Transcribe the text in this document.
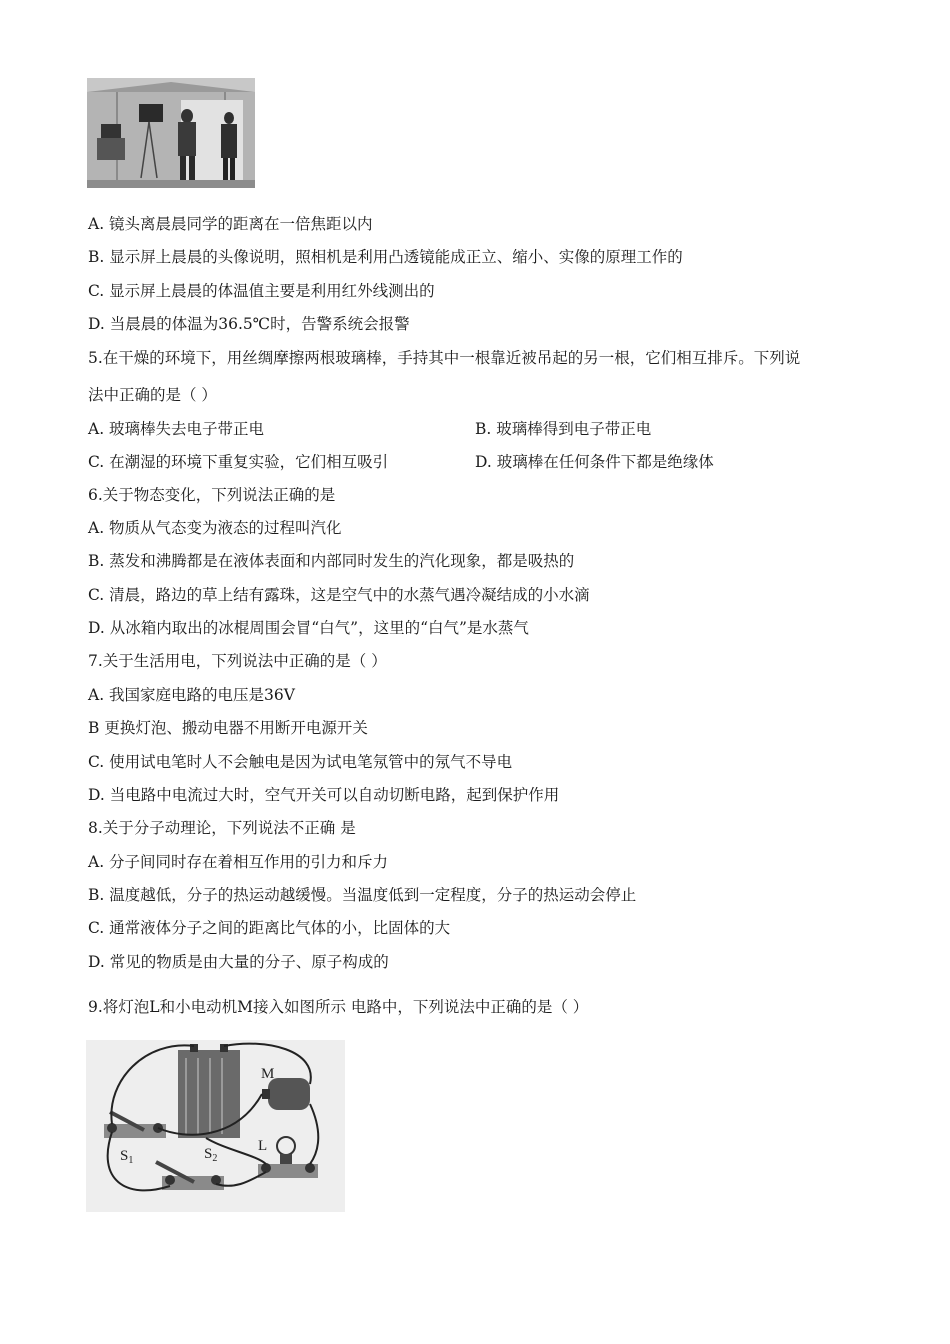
A. 镜头离晨晨同学的距离在一倍焦距以内
B. 显示屏上晨晨的头像说明，照相机是利用凸透镜能成正立、缩小、实像的原理工作的
C. 显示屏上晨晨的体温值主要是利用红外线测出的
D. 当晨晨的体温为36.5℃时，告警系统会报警
5.在干燥的环境下，用丝绸摩擦两根玻璃棒，手持其中一根靠近被吊起的另一根，它们相互排斥。下列说
法中正确的是（ ）
A. 玻璃棒失去电子带正电	B. 玻璃棒得到电子带正电
C. 在潮湿的环境下重复实验，它们相互吸引	D. 玻璃棒在任何条件下都是绝缘体
6.关于物态变化，下列说法正确的是
A. 物质从气态变为液态的过程叫汽化
B. 蒸发和沸腾都是在液体表面和内部同时发生的汽化现象，都是吸热的
C. 清晨，路边的草上结有露珠，这是空气中的水蒸气遇冷凝结成的小水滴
D. 从冰箱内取出的冰棍周围会冒“白气”，这里的“白气”是水蒸气
7.关于生活用电，下列说法中正确的是（ ）
A. 我国家庭电路的电压是36V
B 更换灯泡、搬动电器不用断开电源开关
C. 使用试电笔时人不会触电是因为试电笔氖管中的氖气不导电
D. 当电路中电流过大时，空气开关可以自动切断电路，起到保护作用
8.关于分子动理论，下列说法不正确 是
A. 分子间同时存在着相互作用的引力和斥力
B. 温度越低，分子的热运动越缓慢。当温度低到一定程度，分子的热运动会停止
C. 通常液体分子之间的距离比气体的小，比固体的大
D. 常见的物质是由大量的分子、原子构成的
9.将灯泡L和小电动机M接入如图所示 电路中，下列说法中正确的是（ ）
M
$S_1$	$S_2$
L
